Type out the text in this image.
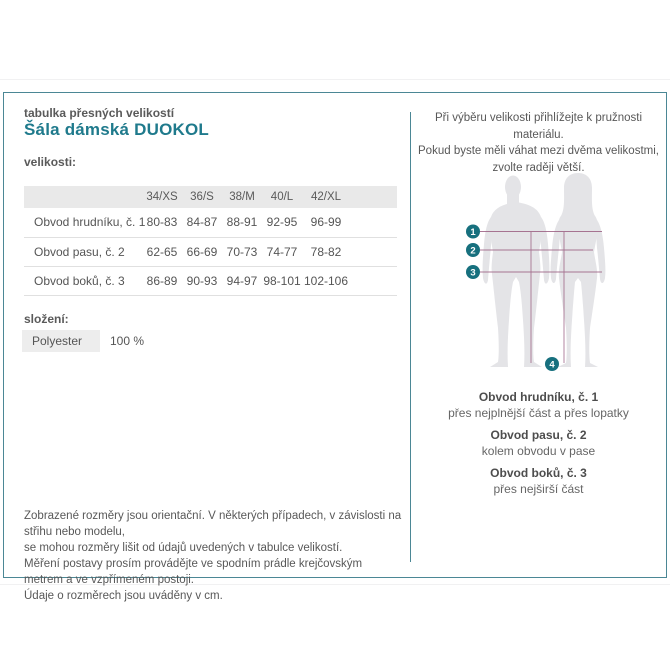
tabulka přesných velikostí
Šála dámská DUOKOL
velikosti:
	34/XS	36/S	38/M	40/L	42/XL	
Obvod hrudníku, č. 1	80-83	84-87	88-91	92-95	96-99	
Obvod pasu, č. 2	62-65	66-69	70-73	74-77	78-82	
Obvod boků, č. 3	86-89	90-93	94-97	98-101	102-106	
složení:
Polyester	100 %
Zobrazené rozměry jsou orientační. V některých případech, v závislosti na střihu nebo modelu,
se mohou rozměry lišit od údajů uvedených v tabulce velikostí.
Měření postavy prosím provádějte ve spodním prádle krejčovským metrem a ve vzpřímeném postoji.
Údaje o rozměrech jsou uváděny v cm.
Při výběru velikosti přihlížejte k pružnosti materiálu.
Pokud byste měli váhat mezi dvěma velikostmi,
zvolte raději větší.
1
2
3
4
Obvod hrudníku, č. 1
přes nejplnější část a přes lopatky
Obvod pasu, č. 2
kolem obvodu v pase
Obvod boků, č. 3
přes nejširší část
